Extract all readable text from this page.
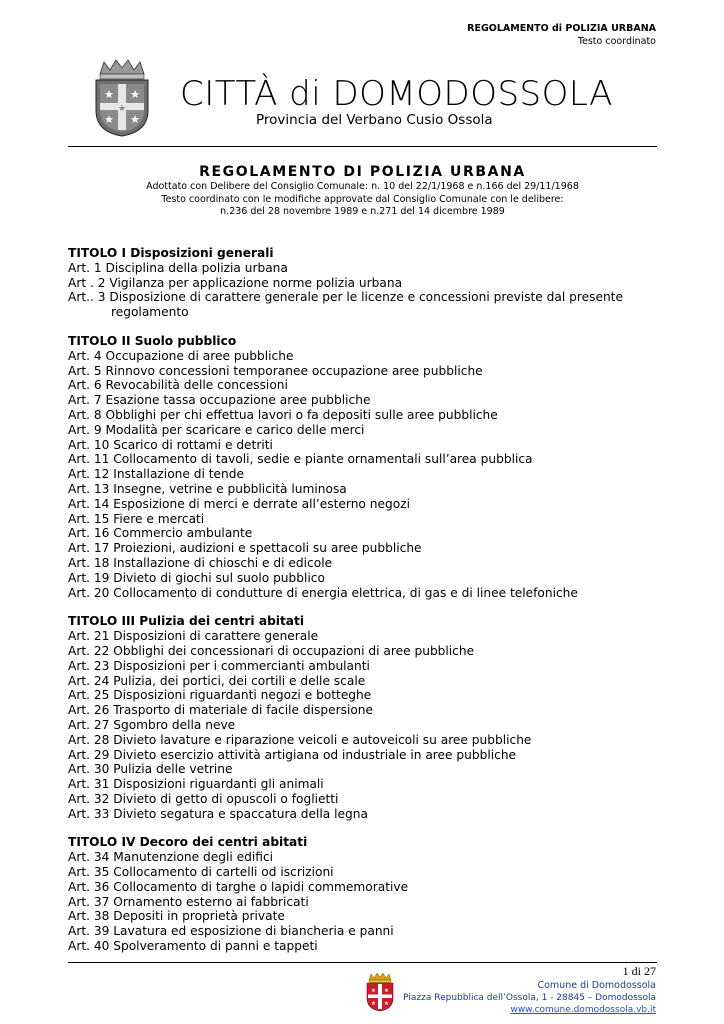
REGOLAMENTO di POLIZIA URBANA
Testo coordinato
★ ★
★ ★
★ CITTÀ di DOMODOSSOLA
Provincia del Verbano Cusio Ossola
REGOLAMENTO DI POLIZIA URBANA
Adottato con Delibere del Consiglio Comunale: n. 10 del 22/1/1968 e n.166 del 29/11/1968
Testo coordinato con le modifiche approvate dal Consiglio Comunale con le delibere:
n.236 del 28 novembre 1989 e n.271 del 14 dicembre 1989
TITOLO I Disposizioni generali
Art. 1 Disciplina della polizia urbana
Art . 2 Vigilanza per applicazione norme polizia urbana
Art.. 3 Disposizione di carattere generale per le licenze e concessioni previste dal presente regolamento
TITOLO II Suolo pubblico
Art. 4 Occupazione di aree pubbliche
Art. 5 Rinnovo concessioni temporanee occupazione aree pubbliche
Art. 6 Revocabilità delle concessioni
Art. 7 Esazione tassa occupazione aree pubbliche
Art. 8 Obblighi per chi effettua lavori o fa depositi sulle aree pubbliche
Art. 9 Modalità per scaricare e carico delle merci
Art. 10 Scarico di rottami e detriti
Art. 11 Collocamento di tavoli, sedie e piante ornamentali sull’area pubblica
Art. 12 Installazione di tende
Art. 13 Insegne, vetrine e pubblicità luminosa
Art. 14 Esposizione di merci e derrate all’esterno negozi
Art. 15 Fiere e mercati
Art. 16 Commercio ambulante
Art. 17 Proiezioni, audizioni e spettacoli su aree pubbliche
Art. 18 Installazione di chioschi e di edicole
Art. 19 Divieto di giochi sul suolo pubblico
Art. 20 Collocamento di condutture di energia elettrica, di gas e di linee telefoniche
TITOLO III Pulizia dei centri abitati
Art. 21 Disposizioni di carattere generale
Art. 22 Obblighi dei concessionari di occupazioni di aree pubbliche
Art. 23 Disposizioni per i commercianti ambulanti
Art. 24 Pulizia, dei portici, dei cortili e delle scale
Art. 25 Disposizioni riguardanti negozi e botteghe
Art. 26 Trasporto di materiale di facile dispersione
Art. 27 Sgombro della neve
Art. 28 Divieto lavature e riparazione veicoli e autoveicoli su aree pubbliche
Art. 29 Divieto esercizio attività artigiana od industriale in aree pubbliche
Art. 30 Pulizia delle vetrine
Art. 31 Disposizioni riguardanti gli animali
Art. 32 Divieto di getto di opuscoli o foglietti
Art. 33 Divieto segatura e spaccatura della legna
TITOLO IV Decoro dei centri abitati
Art. 34 Manutenzione degli edifici
Art. 35 Collocamento di cartelli od iscrizioni
Art. 36 Collocamento di targhe o lapidi commemorative
Art. 37 Ornamento esterno ai fabbricati
Art. 38 Depositi in proprietà private
Art. 39 Lavatura ed esposizione di biancheria e panni
Art. 40 Spolveramento di panni e tappeti
1 di 27
★ ★
★ ★
Comune di Domodossola
Piazza Repubblica dell’Ossola, 1 - 28845 – Domodossola
www.comune.domodossola.vb.it
